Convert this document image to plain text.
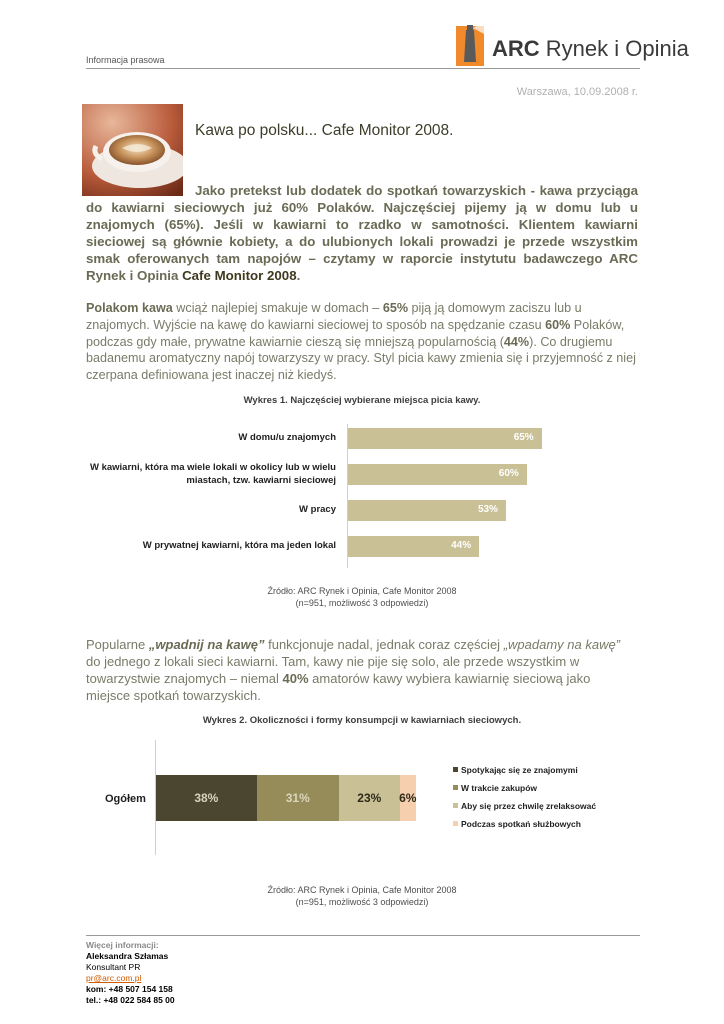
Informacja prasowa	ARC Rynek i Opinia
Warszawa, 10.09.2008 r.
Kawa po polsku... Cafe Monitor 2008.

Jako pretekst lub dodatek do spotkań towarzyskich - kawa przyciąga do kawiarni sieciowych już 60% Polaków. Najczęściej pijemy ją w domu lub u znajomych (65%). Jeśli w kawiarni to rzadko w samotności. Klientem kawiarni sieciowej są głównie kobiety, a do ulubionych lokali prowadzi je przede wszystkim smak oferowanych tam napojów – czytamy w raporcie instytutu badawczego ARC Rynek i Opinia Cafe Monitor 2008.

Polakom kawa wciąż najlepiej smakuje w domach – 65% piją ją domowym zaciszu lub u znajomych. Wyjście na kawę do kawiarni sieciowej to sposób na spędzanie czasu 60% Polaków, podczas gdy małe, prywatne kawiarnie cieszą się mniejszą popularnością (44%). Co drugiemu badanemu aromatyczny napój towarzyszy w pracy. Styl picia kawy zmienia się i przyjemność z niej czerpana definiowana jest inaczej niż kiedyś.

Wykres 1. Najczęściej wybierane miejsca picia kawy.
W domu/u znajomych	65%
W kawiarni, która ma wiele lokali w okolicy lub w wielu
miastach, tzw. kawiarni sieciowej
60%
W pracy	53%
W prywatnej kawiarni, która ma jeden lokal	44%
Źródło: ARC Rynek i Opinia, Cafe Monitor 2008
(n=951, możliwość 3 odpowiedzi)

Popularne „wpadnij na kawę” funkcjonuje nadal, jednak coraz częściej „wpadamy na kawę” do jednego z lokali sieci kawiarni. Tam, kawy nie pije się solo, ale przede wszystkim w towarzystwie znajomych – niemal 40% amatorów kawy wybiera kawiarnię sieciową jako miejsce spotkań towarzyskich.

Wykres 2. Okoliczności i formy konsumpcji w kawiarniach sieciowych.
Ogółem
Spotykając się ze znajomymi
W trakcie zakupów
Aby się przez chwilę zrelaksować
Podczas spotkań służbowych
38%	31%	23% 6%
Źródło: ARC Rynek i Opinia, Cafe Monitor 2008
(n=951, możliwość 3 odpowiedzi)
Więcej informacji:
Aleksandra Szłamas
Konsultant PR
pr@arc.com.pl
kom: +48 507 154 158
tel.: +48 022 584 85 00
